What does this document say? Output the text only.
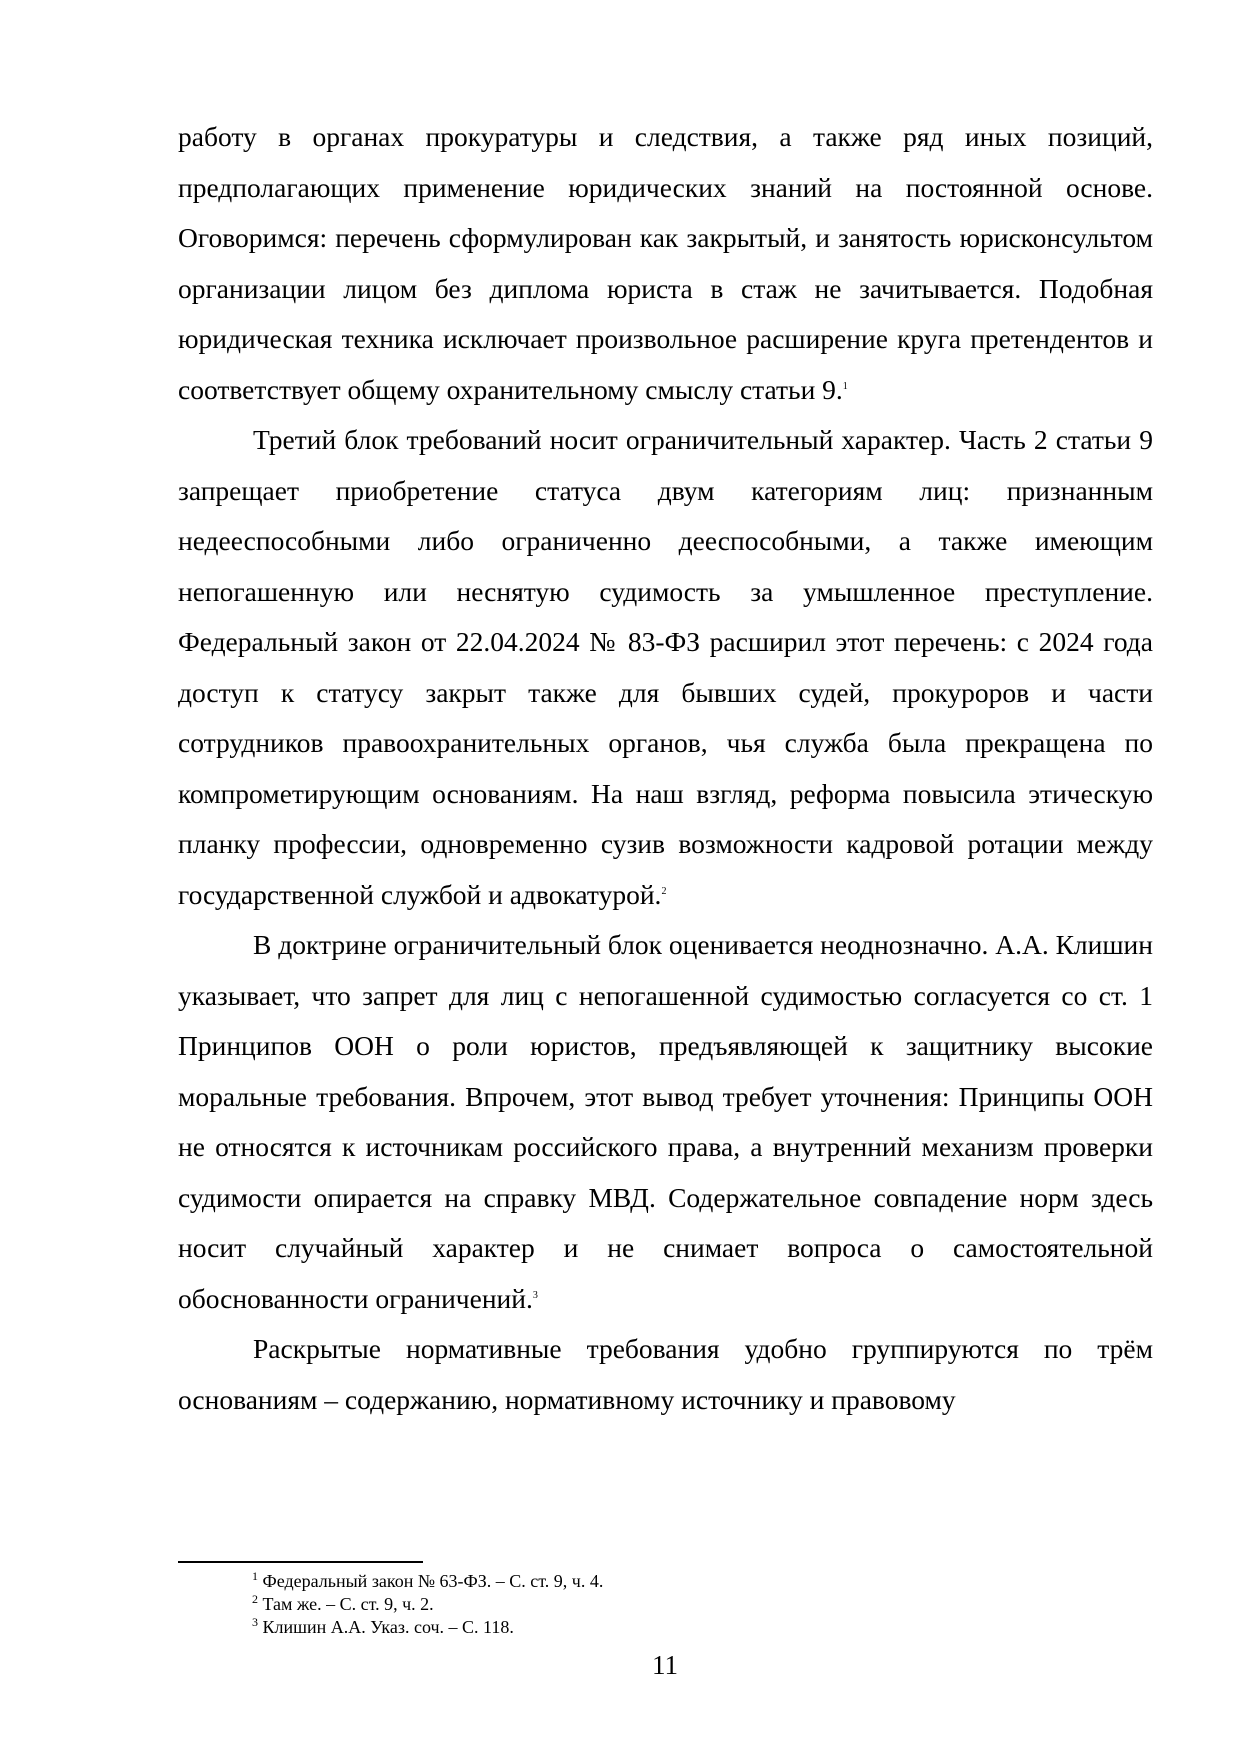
работу в органах прокуратуры и следствия, а также ряд иных позиций, предполагающих применение юридических знаний на постоянной основе. Оговоримся: перечень сформулирован как закрытый, и занятость юрисконсультом организации лицом без диплома юриста в стаж не зачитывается. Подобная юридическая техника исключает произвольное расширение круга претендентов и соответствует общему охранительному смыслу статьи 9.$^1$

Третий блок требований носит ограничительный характер. Часть 2 статьи 9 запрещает приобретение статуса двум категориям лиц: признанным недееспособными либо ограниченно дееспособными, а также имеющим непогашенную или неснятую судимость за умышленное преступление. Федеральный закон от 22.04.2024 № 83-ФЗ расширил этот перечень: с 2024 года доступ к статусу закрыт также для бывших судей, прокуроров и части сотрудников правоохранительных органов, чья служба была прекращена по компрометирующим основаниям. На наш взгляд, реформа повысила этическую планку профессии, одновременно сузив возможности кадровой ротации между государственной службой и адвокатурой.$^2$

В доктрине ограничительный блок оценивается неоднозначно. А.А. Клишин указывает, что запрет для лиц с непогашенной судимостью согласуется со ст. 1 Принципов ООН о роли юристов, предъявляющей к защитнику высокие моральные требования. Впрочем, этот вывод требует уточнения: Принципы ООН не относятся к источникам российского права, а внутренний механизм проверки судимости опирается на справку МВД. Содержательное совпадение норм здесь носит случайный характер и не снимает вопроса о самостоятельной обоснованности ограничений.$^3$

Раскрытые нормативные требования удобно группируются по трём основаниям – содержанию, нормативному источнику и правовому

$^1$ Федеральный закон № 63-ФЗ. – С. ст. 9, ч. 4.
$^2$ Там же. – С. ст. 9, ч. 2.
$^3$ Клишин А.А. Указ. соч. – С. 118.
11
